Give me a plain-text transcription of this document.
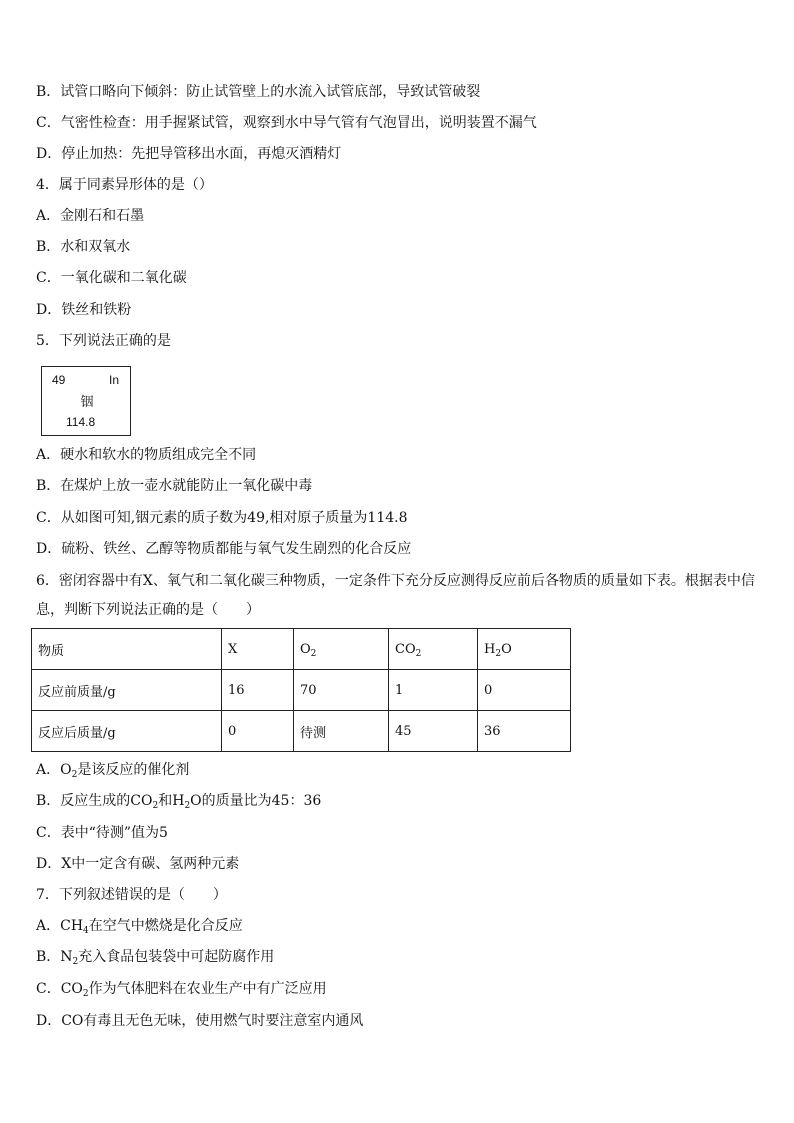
B．试管口略向下倾斜：防止试管壁上的水流入试管底部，导致试管破裂
C．气密性检查：用手握紧试管，观察到水中导气管有气泡冒出，说明装置不漏气
D．停止加热：先把导管移出水面，再熄灭酒精灯
4．属于同素异形体的是（）
A．金刚石和石墨
B．水和双氧水
C．一氧化碳和二氧化碳
D．铁丝和铁粉
5．下列说法正确的是
49	In
铟
114.8
A．硬水和软水的物质组成完全不同
B．在煤炉上放一壶水就能防止一氧化碳中毒
C．从如图可知,铟元素的质子数为49,相对原子质量为114.8
D．硫粉、铁丝、乙醇等物质都能与氧气发生剧烈的化合反应
6．密闭容器中有X、氧气和二氧化碳三种物质，一定条件下充分反应测得反应前后各物质的质量如下表。根据表中信
息，判断下列说法正确的是（　　）
物质	X	$O_2$	$CO_2$	$H_2O$
反应前质量/g	16	70	1	0
反应后质量/g	0	待测	45	36
A．$O_2$是该反应的催化剂
B．反应生成的$CO_2$和$H_2O$的质量比为45：36
C．表中“待测”值为5
D．X中一定含有碳、氢两种元素
7．下列叙述错误的是（　　）
A．$CH_4$在空气中燃烧是化合反应
B．$N_2$充入食品包装袋中可起防腐作用
C．$CO_2$作为气体肥料在农业生产中有广泛应用
D．CO有毒且无色无味，使用燃气时要注意室内通风
